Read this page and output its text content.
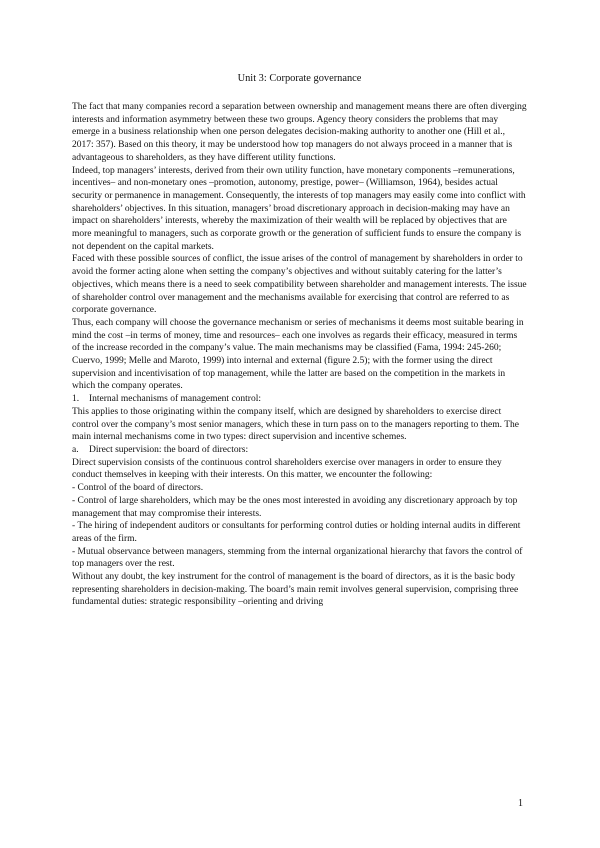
Unit 3: Corporate governance

The fact that many companies record a separation between ownership and management means there are often diverging interests and information asymmetry between these two groups. Agency theory considers the problems that may emerge in a business relationship when one person delegates decision-making authority to another one (Hill et al., 2017: 357). Based on this theory, it may be understood how top managers do not always proceed in a manner that is advantageous to shareholders, as they have different utility functions.

Indeed, top managers’ interests, derived from their own utility function, have monetary components –remunerations, incentives– and non-monetary ones –promotion, autonomy, prestige, power– (Williamson, 1964), besides actual security or permanence in management. Consequently, the interests of top managers may easily come into conflict with shareholders’ objectives. In this situation, managers’ broad discretionary approach in decision-making may have an impact on shareholders’ interests, whereby the maximization of their wealth will be replaced by objectives that are more meaningful to managers, such as corporate growth or the generation of sufficient funds to ensure the company is not dependent on the capital markets.

Faced with these possible sources of conflict, the issue arises of the control of management by shareholders in order to avoid the former acting alone when setting the company’s objectives and without suitably catering for the latter’s objectives, which means there is a need to seek compatibility between shareholder and management interests. The issue of shareholder control over management and the mechanisms available for exercising that control are referred to as corporate governance.

Thus, each company will choose the governance mechanism or series of mechanisms it deems most suitable bearing in mind the cost –in terms of money, time and resources– each one involves as regards their efficacy, measured in terms of the increase recorded in the company’s value. The main mechanisms may be classified (Fama, 1994: 245-260; Cuervo, 1999; Melle and Maroto, 1999) into internal and external (figure 2.5); with the former using the direct supervision and incentivisation of top management, while the latter are based on the competition in the markets in which the company operates.

1. Internal mechanisms of management control:

This applies to those originating within the company itself, which are designed by shareholders to exercise direct control over the company’s most senior managers, which these in turn pass on to the managers reporting to them. The main internal mechanisms come in two types: direct supervision and incentive schemes.

a. Direct supervision: the board of directors:

Direct supervision consists of the continuous control shareholders exercise over managers in order to ensure they conduct themselves in keeping with their interests. On this matter, we encounter the following:

- Control of the board of directors.

- Control of large shareholders, which may be the ones most interested in avoiding any discretionary approach by top management that may compromise their interests.

- The hiring of independent auditors or consultants for performing control duties or holding internal audits in different areas of the firm.

- Mutual observance between managers, stemming from the internal organizational hierarchy that favors the control of top managers over the rest.

Without any doubt, the key instrument for the control of management is the board of directors, as it is the basic body representing shareholders in decision-making. The board’s main remit involves general supervision, comprising three fundamental duties: strategic responsibility –orienting and driving

1
